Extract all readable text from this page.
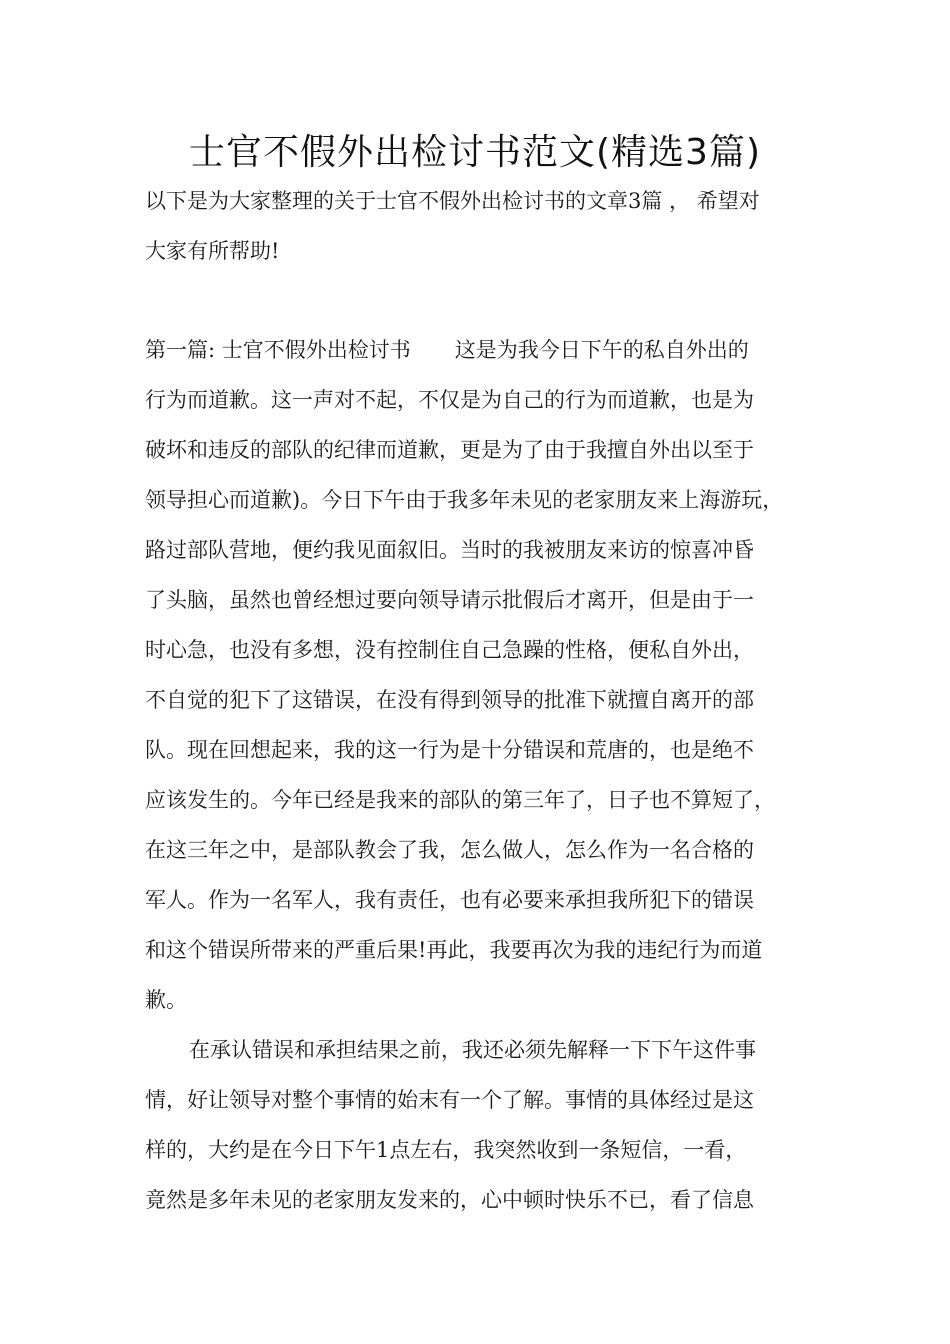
士官不假外出检讨书范文(精选3篇)
以下是为大家整理的关于士官不假外出检讨书的文章3篇 ， 希望对
大家有所帮助!
第一篇: 士官不假外出检讨书 这是为我今日下午的私自外出的
行为而道歉。这一声对不起，不仅是为自己的行为而道歉，也是为
破坏和违反的部队的纪律而道歉，更是为了由于我擅自外出以至于
领导担心而道歉)。今日下午由于我多年未见的老家朋友来上海游玩，
路过部队营地，便约我见面叙旧。当时的我被朋友来访的惊喜冲昏
了头脑，虽然也曾经想过要向领导请示批假后才离开，但是由于一
时心急，也没有多想，没有控制住自己急躁的性格，便私自外出，
不自觉的犯下了这错误，在没有得到领导的批准下就擅自离开的部
队。现在回想起来，我的这一行为是十分错误和荒唐的，也是绝不
应该发生的。今年已经是我来的部队的第三年了，日子也不算短了，
在这三年之中，是部队教会了我，怎么做人，怎么作为一名合格的
军人。作为一名军人，我有责任，也有必要来承担我所犯下的错误
和这个错误所带来的严重后果!再此，我要再次为我的违纪行为而道
歉。
在承认错误和承担结果之前，我还必须先解释一下下午这件事
情，好让领导对整个事情的始末有一个了解。事情的具体经过是这
样的，大约是在今日下午1点左右，我突然收到一条短信，一看，
竟然是多年未见的老家朋友发来的，心中顿时快乐不已，看了信息
